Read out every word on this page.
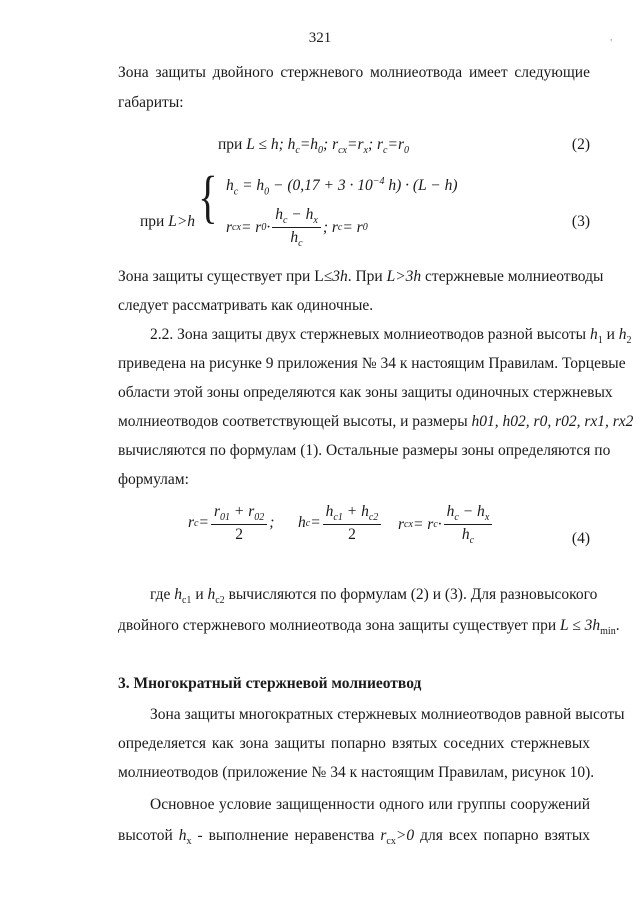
321	'
Зона защиты двойного стержневого молниеотвода имеет следующие
габариты:
при L ≤ h; $h_c=h_0$; $r_{cx}=r_x$; $r_c=r_0$	(2)
при L>h { $h_c = h_0 - (0,17 + 3 \cdot 10^{-4}$ h) · (L − h)
r cx = r $0 \cdot \frac{h_c - h_x}{h_c}$ ; r c = r 0	(3)
Зона защиты существует при L≤3h. При L>3h стержневые молниеотводы
следует рассматривать как одиночные.
2.2. Зона защиты двух стержневых молниеотводов разной высоты $h_1$ и $h_2$
приведена на рисунке 9 приложения № 34 к настоящим Правилам. Торцевые
области этой зоны определяются как зоны защиты одиночных стержневых
молниеотводов соответствующей высоты, и размеры h01, h02, r0, r02, rx1, rx2
вычисляются по формулам (1). Остальные размеры зоны определяются по
формулам:
r $c = \frac{r_{01} + r_{02}}{2}$ ; h $c = \frac{h_{c1} + h_{c2}}{2}$ r cx = r $c \cdot \frac{h_c - h_x}{h_c}$	(4)
где $h_{c1}$ и $h_{c2}$ вычисляются по формулам (2) и (3). Для разновысокого
двойного стержневого молниеотвода зона защиты существует при $L \le 3h_{min}$.
3. Многократный стержневой молниеотвод
Зона защиты многократных стержневых молниеотводов равной высоты
определяется как зона защиты попарно взятых соседних стержневых
молниеотводов (приложение № 34 к настоящим Правилам, рисунок 10).
Основное условие защищенности одного или группы сооружений
высотой $h_x$ - выполнение неравенства $r_{cx}>0$ для всех попарно взятых
